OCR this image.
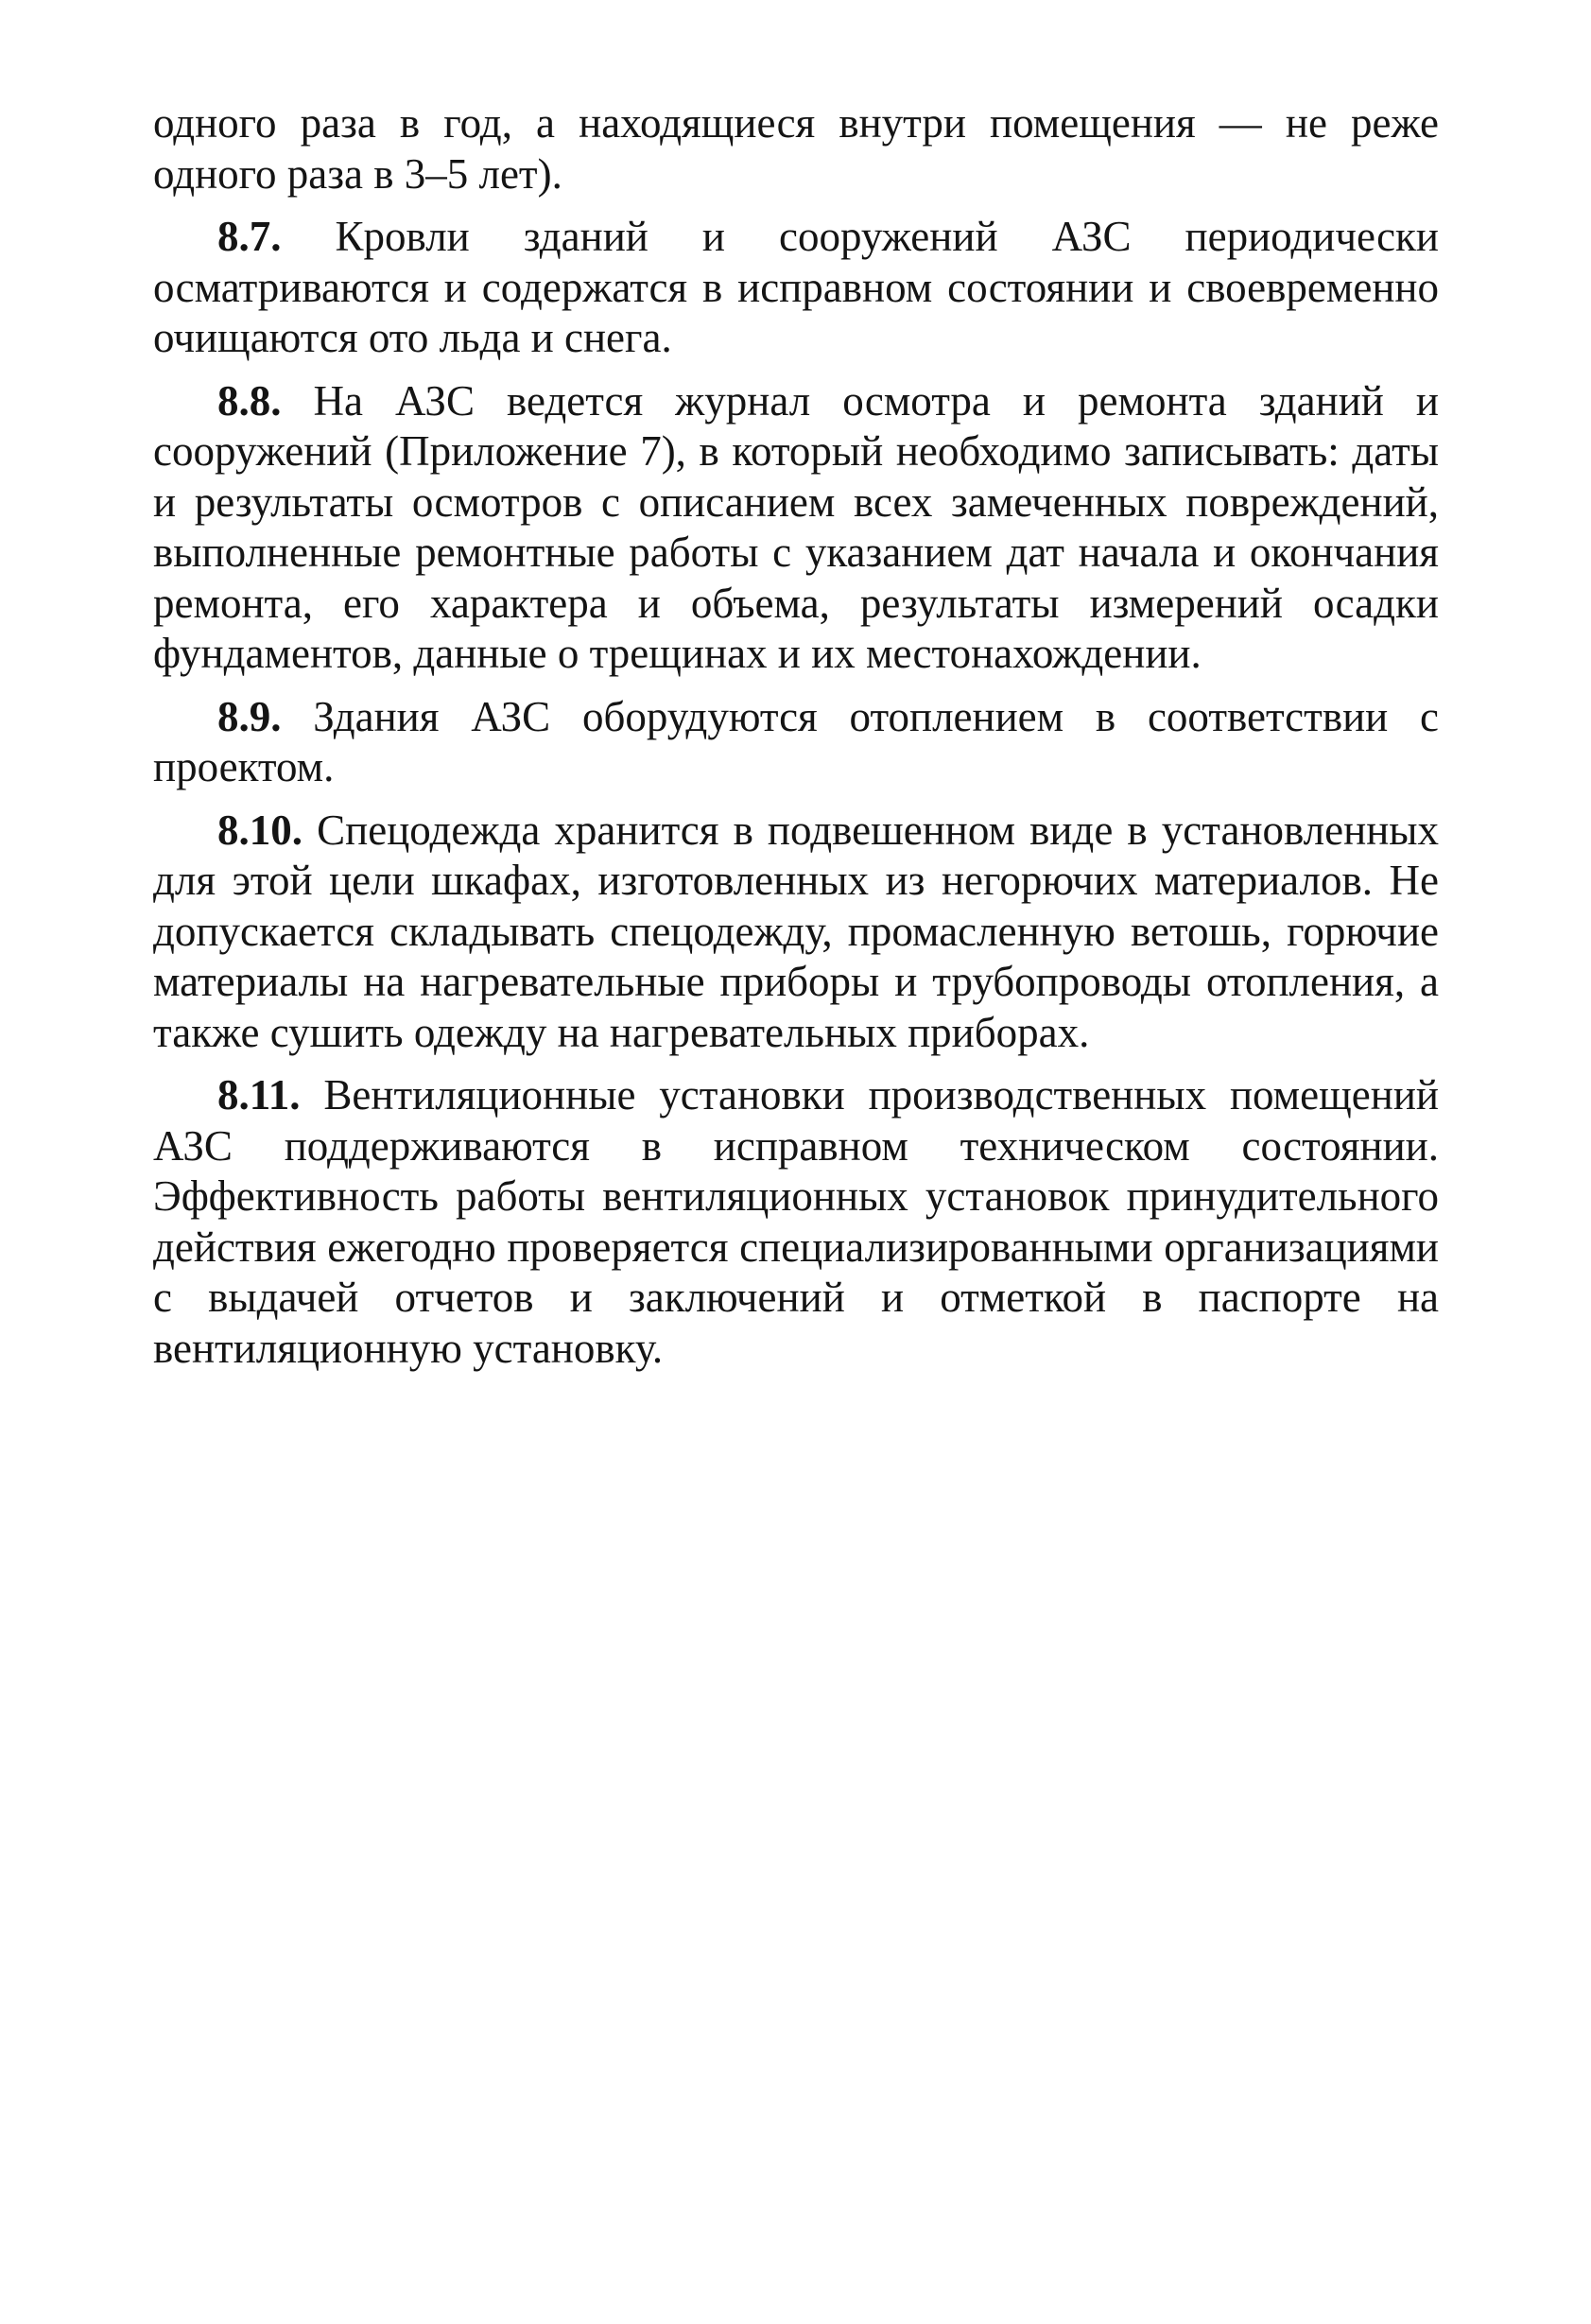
одного раза в год, а находящиеся внутри помещения — не реже одного раза в 3–5 лет).

8.7. Кровли зданий и сооружений АЗС периодически осматриваются и содержатся в исправном состоянии и своевременно очищаются ото льда и снега.

8.8. На АЗС ведется журнал осмотра и ремонта зданий и сооружений (Приложение 7), в который необходимо записывать: даты и результаты осмотров с описанием всех замеченных повреждений, выполненные ремонтные работы с указанием дат начала и окончания ремонта, его характера и объема, результаты измерений осадки фундаментов, данные о трещинах и их местонахождении.

8.9. Здания АЗС оборудуются отоплением в соответствии с проектом.

8.10. Спецодежда хранится в подвешенном виде в установленных для этой цели шкафах, изготовленных из негорючих материалов. Не допускается складывать спецодежду, промасленную ветошь, горючие материалы на нагревательные приборы и трубопроводы отопления, а также сушить одежду на нагревательных приборах.

8.11. Вентиляционные установки производственных помещений АЗС поддерживаются в исправном техническом состоянии. Эффективность работы вентиляционных установок принудительного действия ежегодно проверяется специализированными организациями с выдачей отчетов и заключений и отметкой в паспорте на вентиляционную установку.
